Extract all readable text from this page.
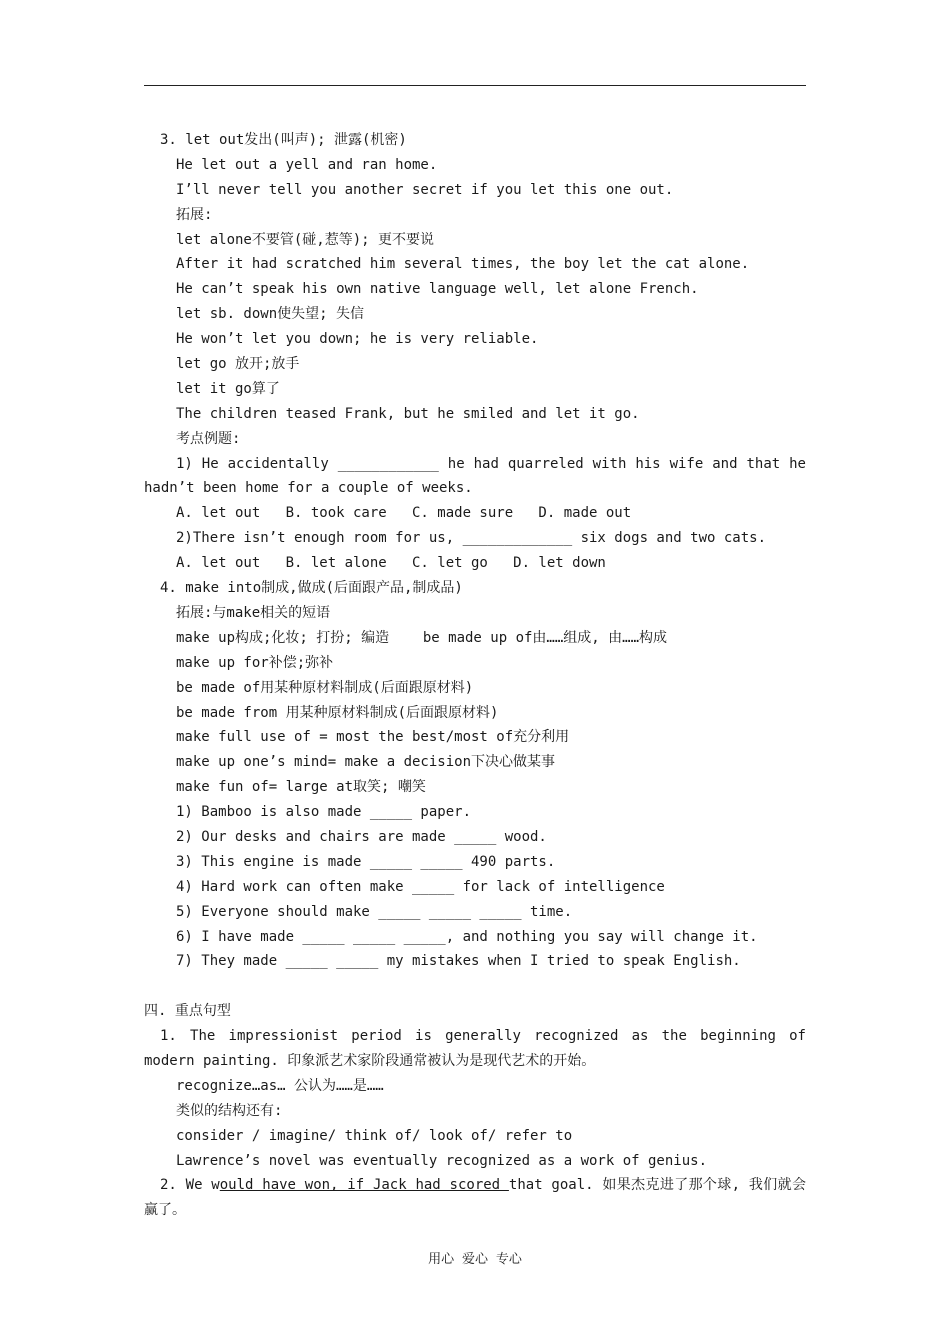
3. let out发出(叫声); 泄露(机密)
He let out a yell and ran home.
I’ll never tell you another secret if you let this one out.
拓展:
let alone不要管(碰,惹等); 更不要说
After it had scratched him several times, the boy let the cat alone.
He can’t speak his own native language well, let alone French.
let sb. down使失望; 失信
He won’t let you down; he is very reliable.
let go 放开;放手
let it go算了
The children teased Frank, but he smiled and let it go.
考点例题:
1) He accidentally ____________ he had quarreled with his wife and that he hadn’t been home for a couple of weeks.
A. let out   B. took care   C. made sure   D. made out
2)There isn’t enough room for us, _____________ six dogs and two cats.
A. let out   B. let alone   C. let go   D. let down
4. make into制成,做成(后面跟产品,制成品)
拓展:与make相关的短语
make up构成;化妆; 打扮; 编造    be made up of由……组成, 由……构成
make up for补偿;弥补
be made of用某种原材料制成(后面跟原材料)
be made from 用某种原材料制成(后面跟原材料)
make full use of = most the best/most of充分利用
make up one’s mind= make a decision下决心做某事
make fun of= large at取笑; 嘲笑
1) Bamboo is also made _____ paper.
2) Our desks and chairs are made _____ wood.
3) This engine is made _____ _____ 490 parts.
4) Hard work can often make _____ for lack of intelligence
5) Everyone should make _____ _____ _____ time.
6) I have made _____ _____ _____, and nothing you say will change it.
7) They made _____ _____ my mistakes when I tried to speak English.
四. 重点句型
1. The impressionist period is generally recognized as the beginning of modern painting. 印象派艺术家阶段通常被认为是现代艺术的开始。
recognize…as… 公认为……是……
类似的结构还有:
consider / imagine/ think of/ look of/ refer to
Lawrence’s novel was eventually recognized as a work of genius.
2. We would have won, if Jack had scored that goal. 如果杰克进了那个球, 我们就会赢了。
用心 爱心 专心
